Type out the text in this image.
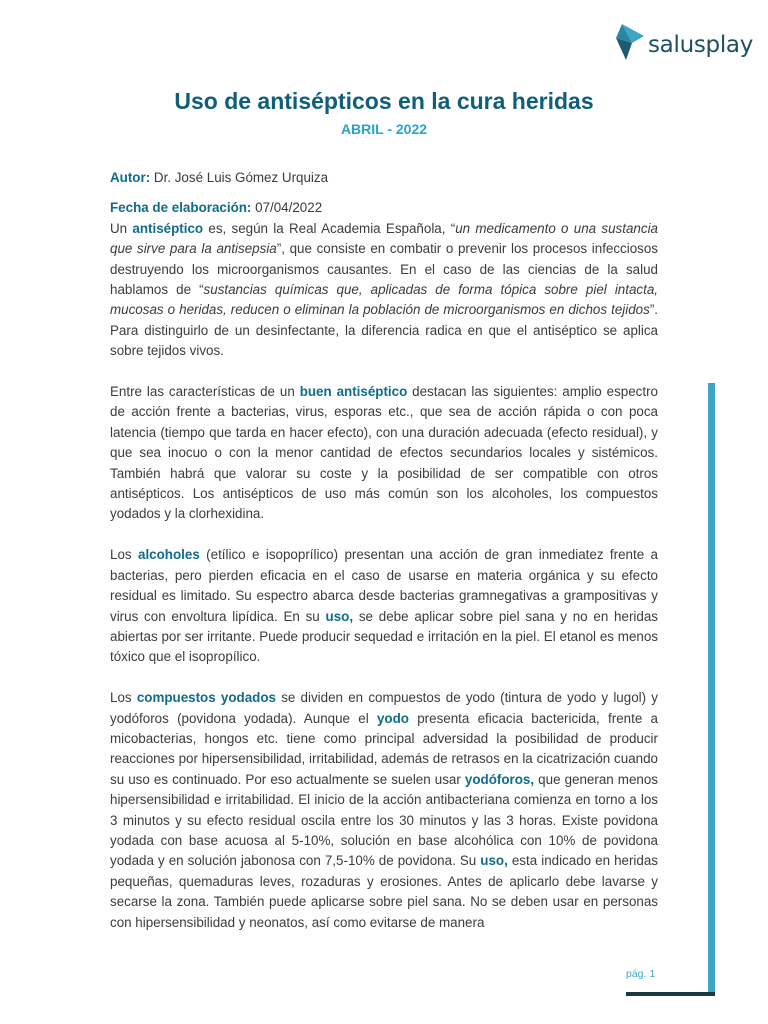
salusplay
Uso de antisépticos en la cura heridas
ABRIL - 2022
Autor: Dr. José Luis Gómez Urquiza
Fecha de elaboración: 07/04/2022

Un antiséptico es, según la Real Academia Española, “un medicamento o una sustancia que sirve para la antisepsia”, que consiste en combatir o prevenir los procesos infecciosos destruyendo los microorganismos causantes. En el caso de las ciencias de la salud hablamos de “sustancias químicas que, aplicadas de forma tópica sobre piel intacta, mucosas o heridas, reducen o eliminan la población de microorganismos en dichos tejidos”. Para distinguirlo de un desinfectante, la diferencia radica en que el antiséptico se aplica sobre tejidos vivos.

Entre las características de un buen antiséptico destacan las siguientes: amplio espectro de acción frente a bacterias, virus, esporas etc., que sea de acción rápida o con poca latencia (tiempo que tarda en hacer efecto), con una duración adecuada (efecto residual), y que sea inocuo o con la menor cantidad de efectos secundarios locales y sistémicos. También habrá que valorar su coste y la posibilidad de ser compatible con otros antisépticos. Los antisépticos de uso más común son los alcoholes, los compuestos yodados y la clorhexidina.

Los alcoholes (etílico e isopoprílico) presentan una acción de gran inmediatez frente a bacterias, pero pierden eficacia en el caso de usarse en materia orgánica y su efecto residual es limitado. Su espectro abarca desde bacterias gramnegativas a grampositivas y virus con envoltura lipídica. En su uso, se debe aplicar sobre piel sana y no en heridas abiertas por ser irritante. Puede producir sequedad e irritación en la piel. El etanol es menos tóxico que el isopropílico.

Los compuestos yodados se dividen en compuestos de yodo (tintura de yodo y lugol) y yodóforos (povidona yodada). Aunque el yodo presenta eficacia bactericida, frente a micobacterias, hongos etc. tiene como principal adversidad la posibilidad de producir reacciones por hipersensibilidad, irritabilidad, además de retrasos en la cicatrización cuando su uso es continuado. Por eso actualmente se suelen usar yodóforos, que generan menos hipersensibilidad e irritabilidad. El inicio de la acción antibacteriana comienza en torno a los 3 minutos y su efecto residual oscila entre los 30 minutos y las 3 horas. Existe povidona yodada con base acuosa al 5-10%, solución en base alcohólica con 10% de povidona yodada y en solución jabonosa con 7,5-10% de povidona. Su uso, esta indicado en heridas pequeñas, quemaduras leves, rozaduras y erosiones. Antes de aplicarlo debe lavarse y secarse la zona. También puede aplicarse sobre piel sana. No se deben usar en personas con hipersensibilidad y neonatos, así como evitarse de manera

pág. 1
